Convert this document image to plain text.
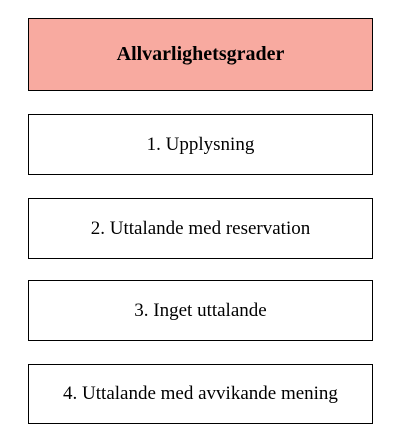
Allvarlighetsgrader
1. Upplysning
2. Uttalande med reservation
3. Inget uttalande
4. Uttalande med avvikande mening
